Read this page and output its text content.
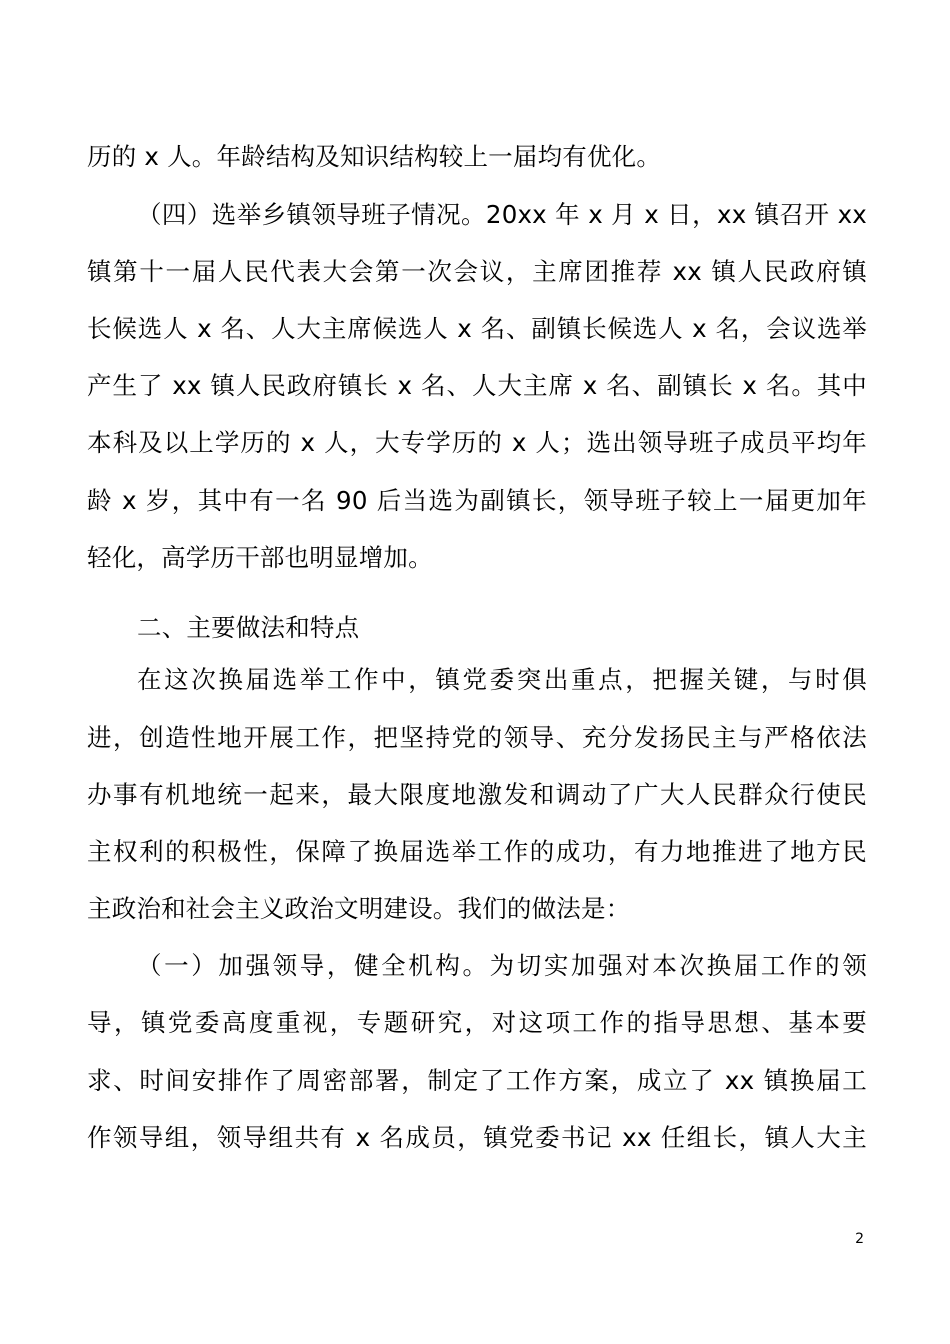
历的 x 人。年龄结构及知识结构较上一届均有优化。
（四）选举乡镇领导班子情况。20xx 年 x 月 x 日，xx 镇召开 xx
镇第十一届人民代表大会第一次会议，主席团推荐 xx 镇人民政府镇
长候选人 x 名、人大主席候选人 x 名、副镇长候选人 x 名，会议选举
产生了 xx 镇人民政府镇长 x 名、人大主席 x 名、副镇长 x 名。其中
本科及以上学历的 x 人，大专学历的 x 人；选出领导班子成员平均年
龄 x 岁，其中有一名 90 后当选为副镇长，领导班子较上一届更加年
轻化，高学历干部也明显增加。
二、主要做法和特点
在这次换届选举工作中，镇党委突出重点，把握关键，与时俱
进，创造性地开展工作，把坚持党的领导、充分发扬民主与严格依法
办事有机地统一起来，最大限度地激发和调动了广大人民群众行使民
主权利的积极性，保障了换届选举工作的成功，有力地推进了地方民
主政治和社会主义政治文明建设。我们的做法是：
（一）加强领导，健全机构。为切实加强对本次换届工作的领
导，镇党委高度重视，专题研究，对这项工作的指导思想、基本要
求、时间安排作了周密部署，制定了工作方案，成立了 xx 镇换届工
作领导组，领导组共有 x 名成员，镇党委书记 xx 任组长，镇人大主
2
